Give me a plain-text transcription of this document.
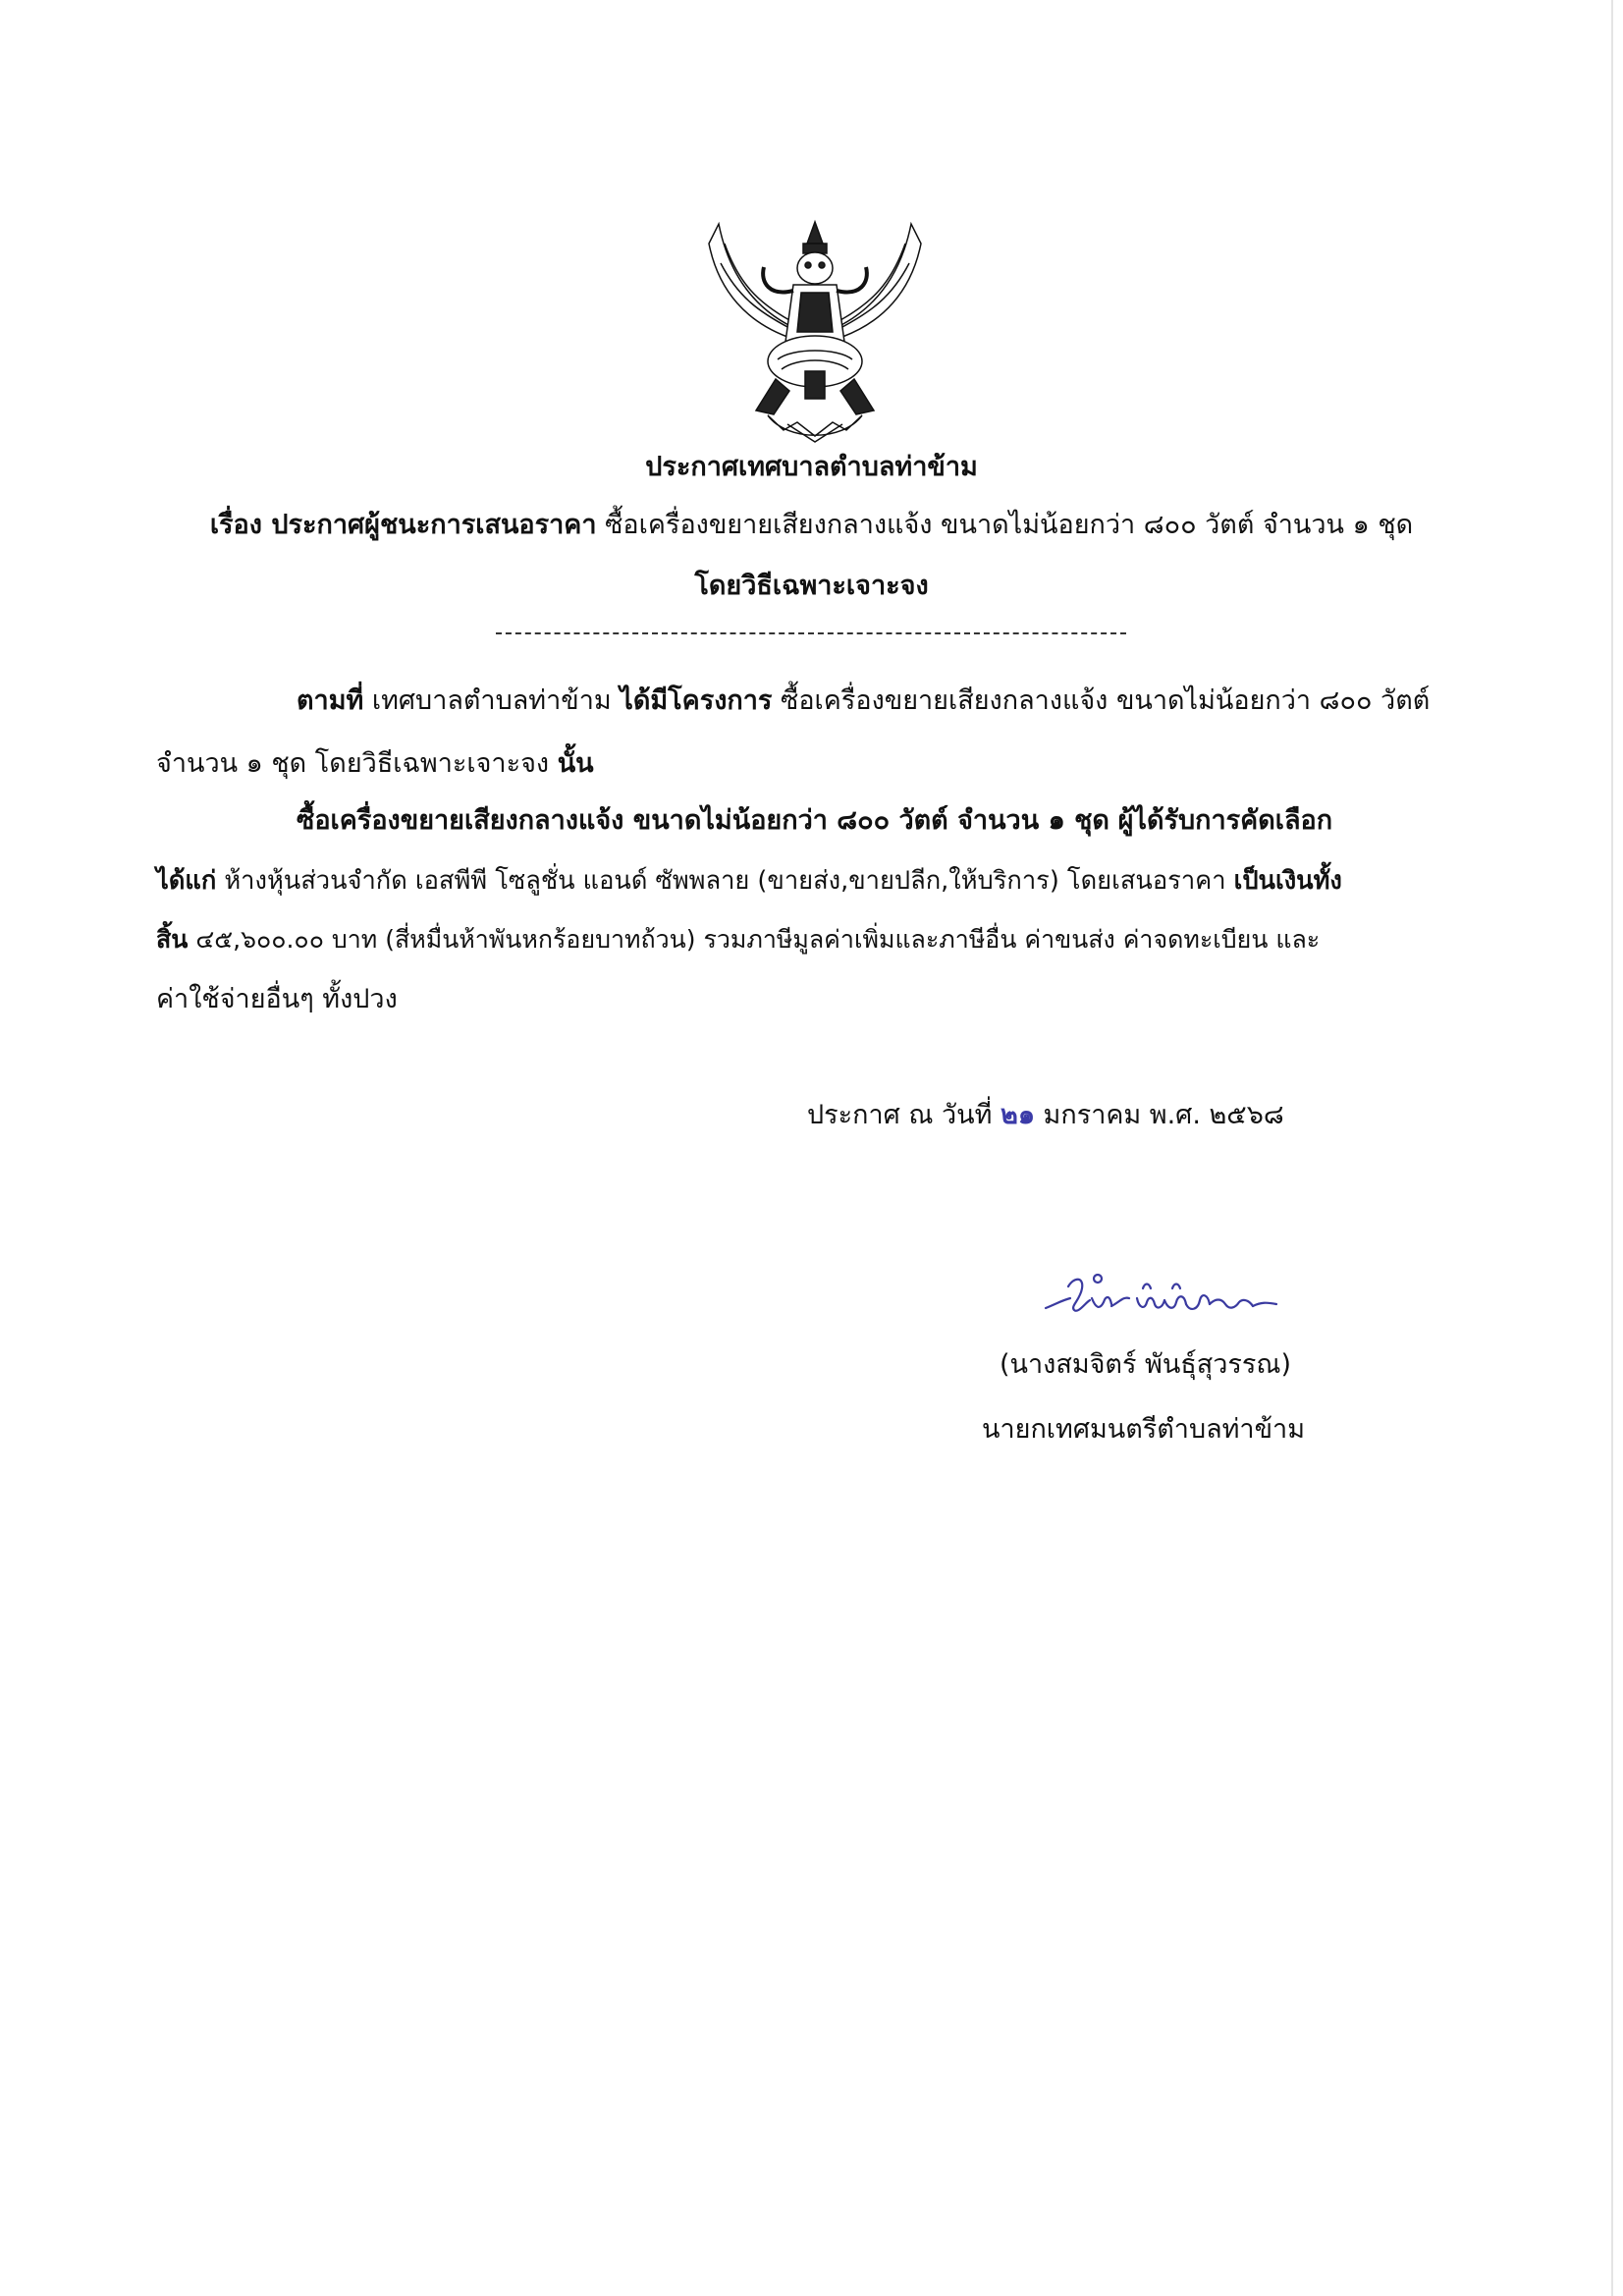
ประกาศเทศบาลตำบลท่าข้าม
เรื่อง ประกาศผู้ชนะการเสนอราคา ซื้อเครื่องขยายเสียงกลางแจ้ง ขนาดไม่น้อยกว่า ๘๐๐ วัตต์ จำนวน ๑ ชุด
โดยวิธีเฉพาะเจาะจง
ตามที่ เทศบาลตำบลท่าข้าม ได้มีโครงการ ซื้อเครื่องขยายเสียงกลางแจ้ง ขนาดไม่น้อยกว่า ๘๐๐ วัตต์
จำนวน ๑ ชุด โดยวิธีเฉพาะเจาะจง นั้น
ซื้อเครื่องขยายเสียงกลางแจ้ง ขนาดไม่น้อยกว่า ๘๐๐ วัตต์ จำนวน ๑ ชุด ผู้ได้รับการคัดเลือก
ได้แก่ ห้างหุ้นส่วนจำกัด เอสพีพี โซลูชั่น แอนด์ ซัพพลาย (ขายส่ง,ขายปลีก,ให้บริการ) โดยเสนอราคา เป็นเงินทั้ง
สิ้น ๔๕,๖๐๐.๐๐ บาท (สี่หมื่นห้าพันหกร้อยบาทถ้วน) รวมภาษีมูลค่าเพิ่มและภาษีอื่น ค่าขนส่ง ค่าจดทะเบียน และ
ค่าใช้จ่ายอื่นๆ ทั้งปวง
ประกาศ ณ วันที่ ๒๑ มกราคม พ.ศ. ๒๕๖๘
(นางสมจิตร์ พันธุ์สุวรรณ)
นายกเทศมนตรีตำบลท่าข้าม
